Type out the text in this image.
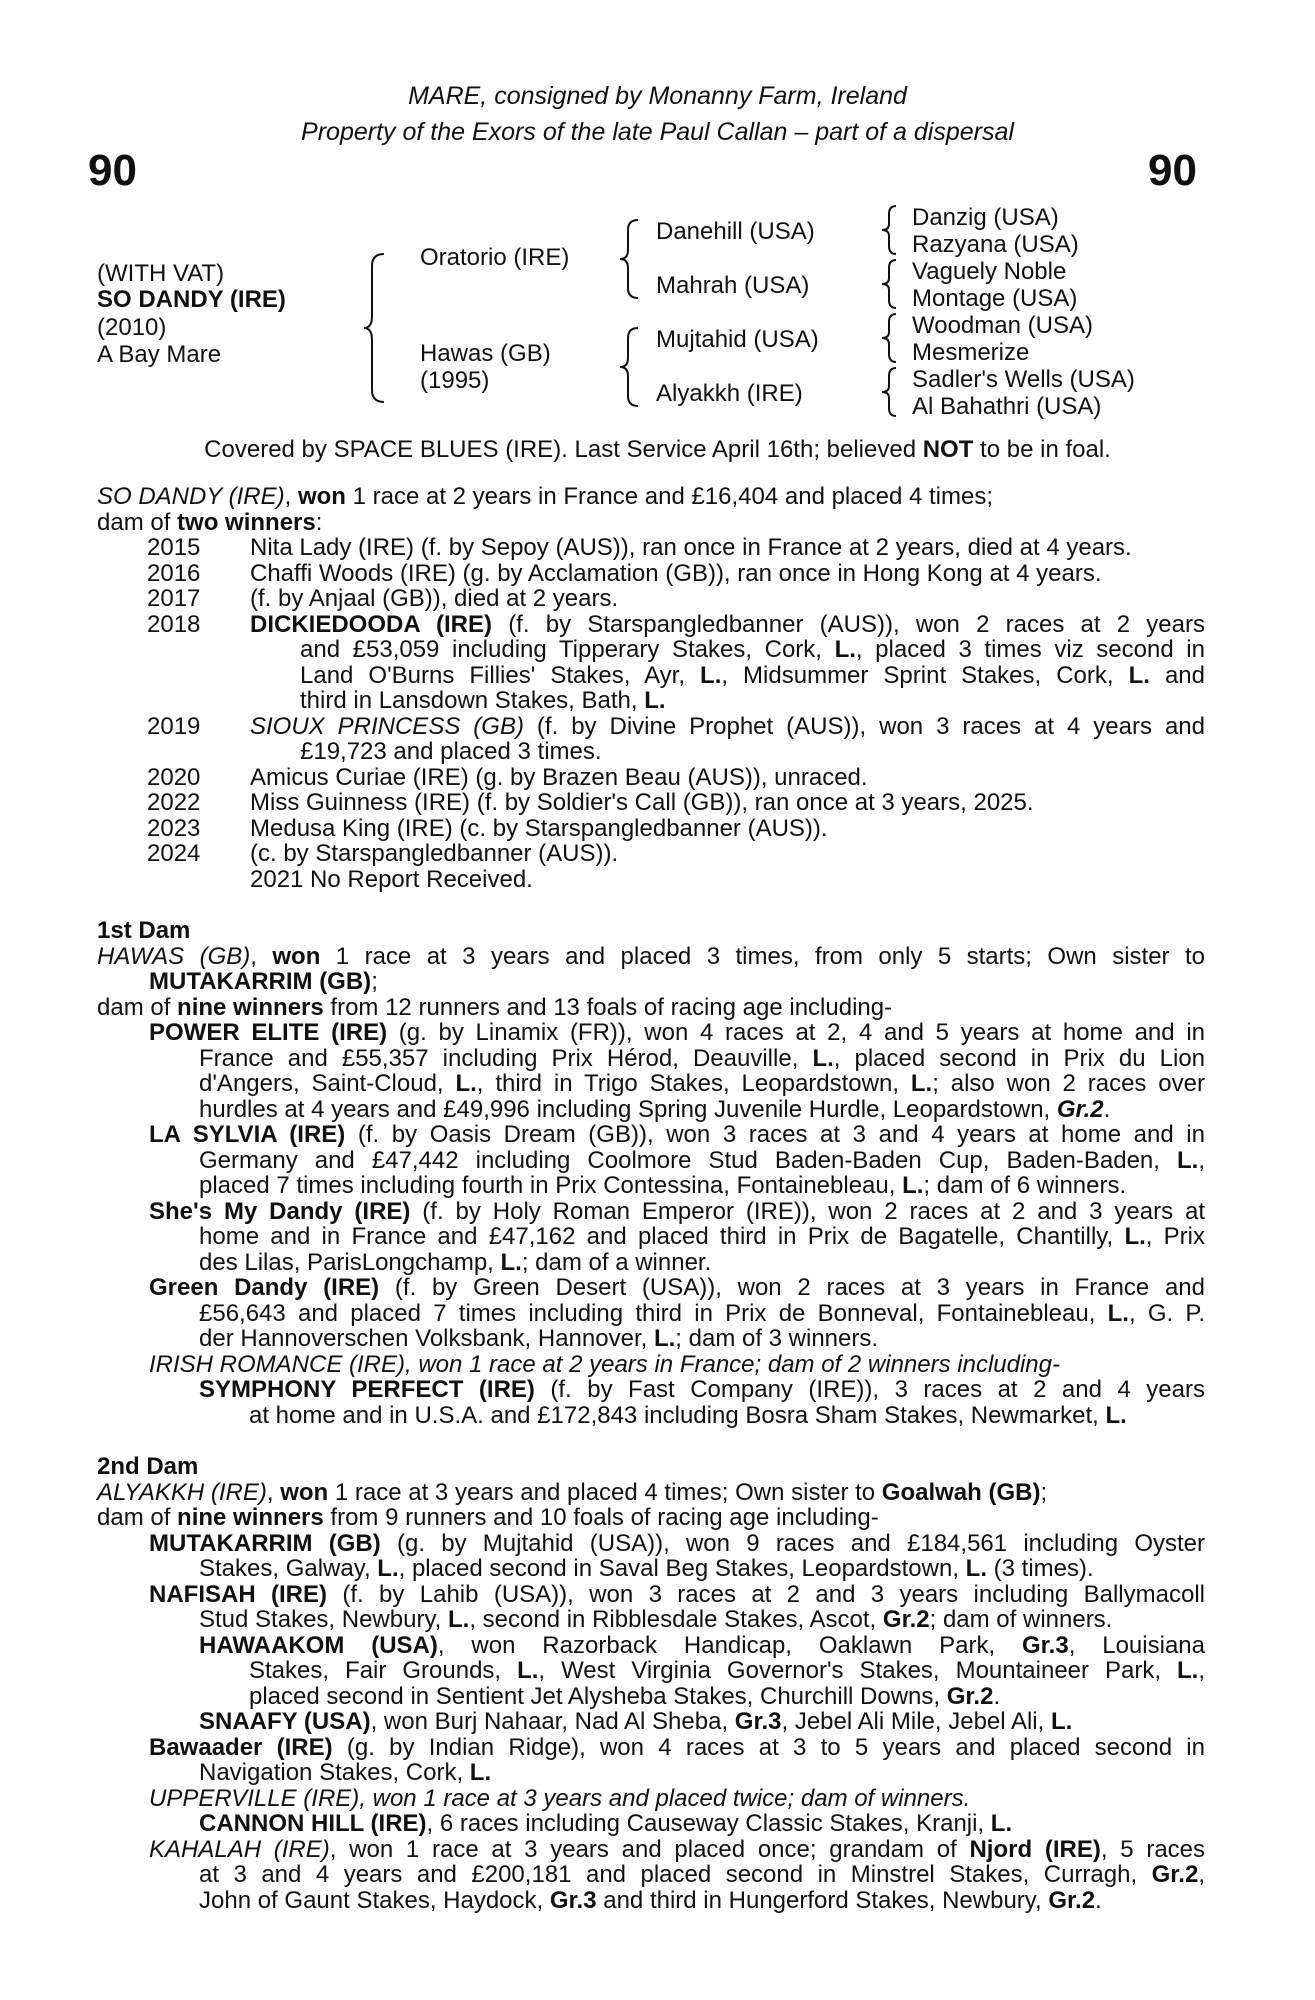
MARE, consigned by Monanny Farm, Ireland
Property of the Exors of the late Paul Callan – part of a dispersal
90	90
(WITH VAT)
SO DANDY (IRE)
(2010)
A Bay Mare
Oratorio (IRE)
Hawas (GB)
(1995)
Danehill (USA)
Mahrah (USA)
Mujtahid (USA)
Alyakkh (IRE)
Danzig (USA)
Razyana (USA)
Vaguely Noble
Montage (USA)
Woodman (USA)
Mesmerize
Sadler's Wells (USA)
Al Bahathri (USA)
Covered by SPACE BLUES (IRE). Last Service April 16th; believed NOT to be in foal.
SO DANDY (IRE), won 1 race at 2 years in France and £16,404 and placed 4 times;
dam of two winners:
2015 Nita Lady (IRE) (f. by Sepoy (AUS)), ran once in France at 2 years, died at 4 years.
2016 Chaffi Woods (IRE) (g. by Acclamation (GB)), ran once in Hong Kong at 4 years.
2017 (f. by Anjaal (GB)), died at 2 years.
2018 DICKIEDOODA (IRE) (f. by Starspangledbanner (AUS)), won 2 races at 2 years
and £53,059 including Tipperary Stakes, Cork, L., placed 3 times viz second in
Land O'Burns Fillies' Stakes, Ayr, L., Midsummer Sprint Stakes, Cork, L. and
third in Lansdown Stakes, Bath, L.
2019 SIOUX PRINCESS (GB) (f. by Divine Prophet (AUS)), won 3 races at 4 years and
£19,723 and placed 3 times.
2020 Amicus Curiae (IRE) (g. by Brazen Beau (AUS)), unraced.
2022 Miss Guinness (IRE) (f. by Soldier's Call (GB)), ran once at 3 years, 2025.
2023 Medusa King (IRE) (c. by Starspangledbanner (AUS)).
2024 (c. by Starspangledbanner (AUS)).
2021 No Report Received.
1st Dam
HAWAS (GB), won 1 race at 3 years and placed 3 times, from only 5 starts; Own sister to
MUTAKARRIM (GB);
dam of nine winners from 12 runners and 13 foals of racing age including-
POWER ELITE (IRE) (g. by Linamix (FR)), won 4 races at 2, 4 and 5 years at home and in
France and £55,357 including Prix Hérod, Deauville, L., placed second in Prix du Lion
d'Angers, Saint-Cloud, L., third in Trigo Stakes, Leopardstown, L.; also won 2 races over
hurdles at 4 years and £49,996 including Spring Juvenile Hurdle, Leopardstown, Gr.2.
LA SYLVIA (IRE) (f. by Oasis Dream (GB)), won 3 races at 3 and 4 years at home and in
Germany and £47,442 including Coolmore Stud Baden-Baden Cup, Baden-Baden, L.,
placed 7 times including fourth in Prix Contessina, Fontainebleau, L.; dam of 6 winners.
She's My Dandy (IRE) (f. by Holy Roman Emperor (IRE)), won 2 races at 2 and 3 years at
home and in France and £47,162 and placed third in Prix de Bagatelle, Chantilly, L., Prix
des Lilas, ParisLongchamp, L.; dam of a winner.
Green Dandy (IRE) (f. by Green Desert (USA)), won 2 races at 3 years in France and
£56,643 and placed 7 times including third in Prix de Bonneval, Fontainebleau, L., G. P.
der Hannoverschen Volksbank, Hannover, L.; dam of 3 winners.
IRISH ROMANCE (IRE), won 1 race at 2 years in France; dam of 2 winners including-
SYMPHONY PERFECT (IRE) (f. by Fast Company (IRE)), 3 races at 2 and 4 years
at home and in U.S.A. and £172,843 including Bosra Sham Stakes, Newmarket, L.
2nd Dam
ALYAKKH (IRE), won 1 race at 3 years and placed 4 times; Own sister to Goalwah (GB);
dam of nine winners from 9 runners and 10 foals of racing age including-
MUTAKARRIM (GB) (g. by Mujtahid (USA)), won 9 races and £184,561 including Oyster
Stakes, Galway, L., placed second in Saval Beg Stakes, Leopardstown, L. (3 times).
NAFISAH (IRE) (f. by Lahib (USA)), won 3 races at 2 and 3 years including Ballymacoll
Stud Stakes, Newbury, L., second in Ribblesdale Stakes, Ascot, Gr.2; dam of winners.
HAWAAKOM (USA), won Razorback Handicap, Oaklawn Park, Gr.3, Louisiana
Stakes, Fair Grounds, L., West Virginia Governor's Stakes, Mountaineer Park, L.,
placed second in Sentient Jet Alysheba Stakes, Churchill Downs, Gr.2.
SNAAFY (USA), won Burj Nahaar, Nad Al Sheba, Gr.3, Jebel Ali Mile, Jebel Ali, L.
Bawaader (IRE) (g. by Indian Ridge), won 4 races at 3 to 5 years and placed second in
Navigation Stakes, Cork, L.
UPPERVILLE (IRE), won 1 race at 3 years and placed twice; dam of winners.
CANNON HILL (IRE), 6 races including Causeway Classic Stakes, Kranji, L.
KAHALAH (IRE), won 1 race at 3 years and placed once; grandam of Njord (IRE), 5 races
at 3 and 4 years and £200,181 and placed second in Minstrel Stakes, Curragh, Gr.2,
John of Gaunt Stakes, Haydock, Gr.3 and third in Hungerford Stakes, Newbury, Gr.2.
